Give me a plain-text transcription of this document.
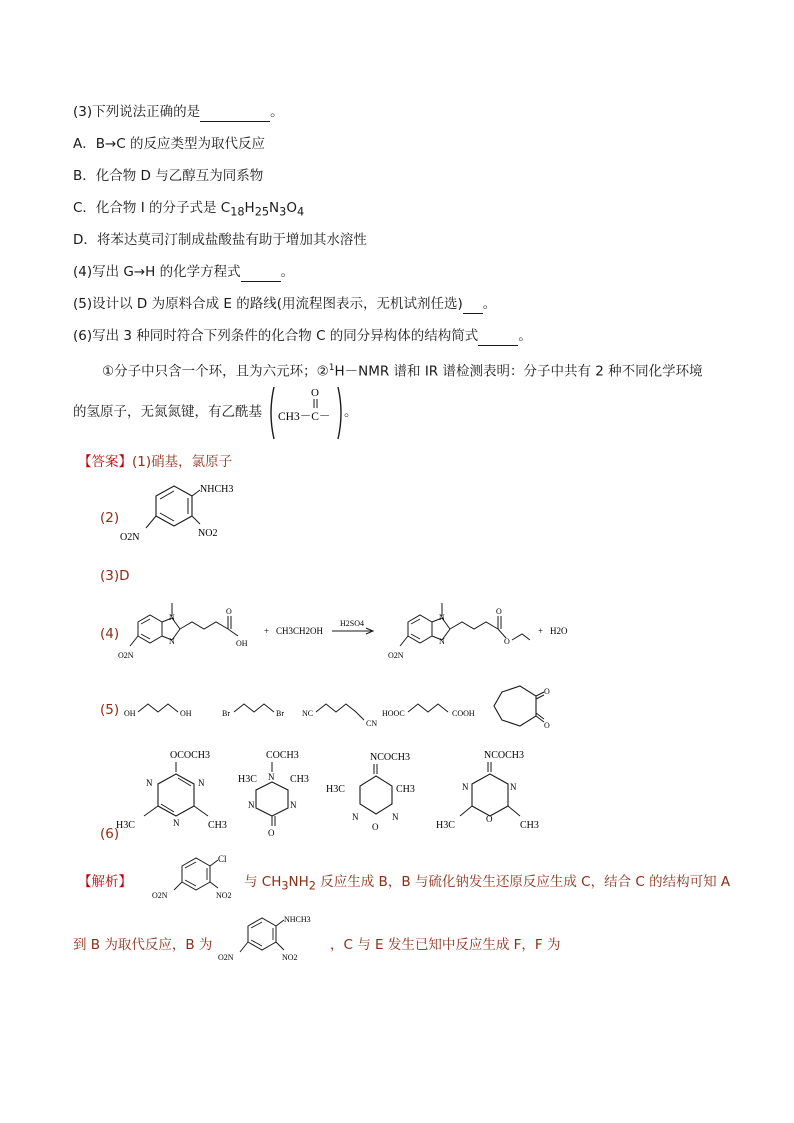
(3)下列说法正确的是	。
A．B→C 的反应类型为取代反应
B．化合物 D 与乙醇互为同系物
C．化合物 I 的分子式是 $C_{18}H_{25}N_3O_4$
D．将苯达莫司汀制成盐酸盐有助于增加其水溶性
(4)写出 G→H 的化学方程式	。
(5)设计以 D 为原料合成 E 的路线(用流程图表示，无机试剂任选) 。
(6)写出 3 种同时符合下列条件的化合物 C 的同分异构体的结构简式	。
①分子中只含一个环，且为六元环；②$^1$H－NMR 谱和 IR 谱检测表明：分子中共有 2 种不同化学环境
的氢原子，无氮氮键，有乙酰基
O
CH3－C－ 。
【答案】(1)硝基，氯原子
(2)
NHCH3
NO2
O2N
(3)D
(4)
N
N
O
OH
O2N
+ CH3CH2OH
H2SO4
N
N
O
O
O2N
+ H2O
(5) OH	OH	Br	Br NC
CN
HOOC	COOH
O
O
(6)
OCOCH3
N	N
N
H3C	CH3
COCH3
N
H3C	CH3
N	N
O
NCOCH3
H3C	CH3
N	N
O
NCOCH3
N	N
O
H3C	CH3
【解析】
Cl
NO2
O2N
与 $CH_3NH_2$ 反应生成 B，B 与硫化钠发生还原反应生成 C，结合 C 的结构可知 A
到 B 为取代反应，B 为
NHCH3
NO2
O2N
，C 与 E 发生已知中反应生成 F，F 为
